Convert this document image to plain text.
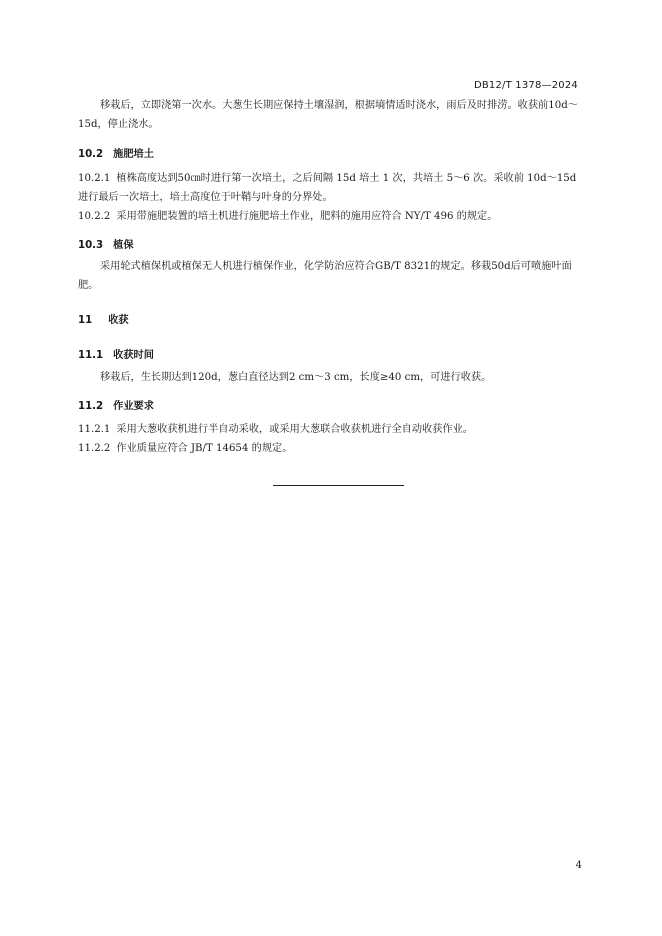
DB12/T 1378—2024

移栽后，立即浇第一次水。大葱生长期应保持土壤湿润，根据墒情适时浇水，雨后及时排涝。收获前10d～15d，停止浇水。

10.2 施肥培土

10.2.1 植株高度达到50㎝时进行第一次培土，之后间隔 15d 培土 1 次，共培土 5～6 次。采收前 10d～15d 进行最后一次培土，培土高度位于叶鞘与叶身的分界处。

10.2.2 采用带施肥装置的培土机进行施肥培土作业，肥料的施用应符合 NY/T 496 的规定。

10.3 植保

采用轮式植保机或植保无人机进行植保作业，化学防治应符合GB/T 8321的规定。移栽50d后可喷施叶面肥。

11 收获
11.1 收获时间

移栽后，生长期达到120d，葱白直径达到2 cm～3 cm，长度≥40 cm，可进行收获。

11.2 作业要求

11.2.1 采用大葱收获机进行半自动采收，或采用大葱联合收获机进行全自动收获作业。

11.2.2 作业质量应符合 JB/T 14654 的规定。

4
